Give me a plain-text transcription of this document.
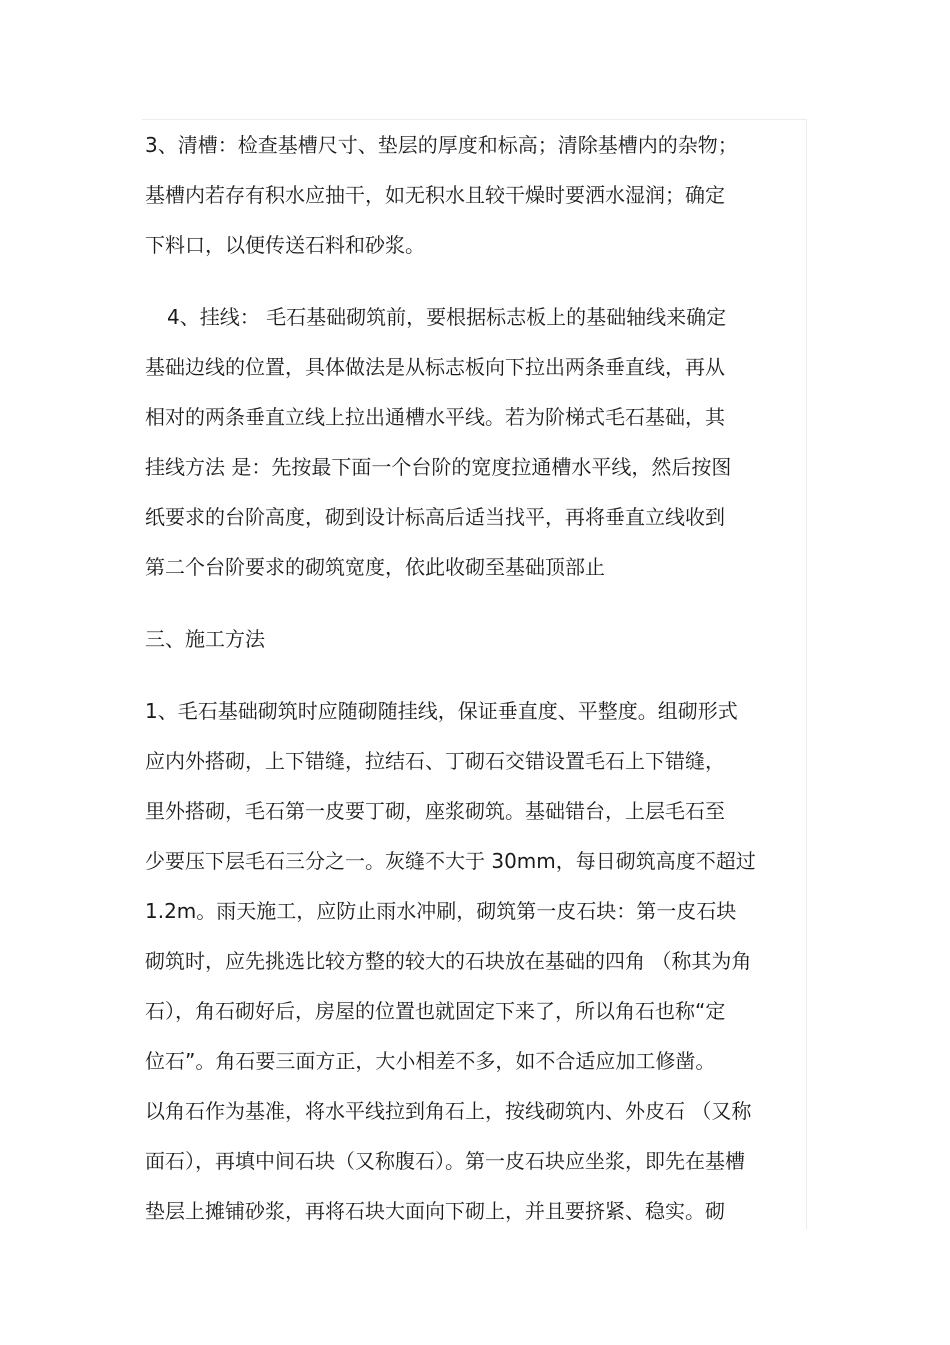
3、清槽：检查基槽尺寸、垫层的厚度和标高；清除基槽内的杂物；
基槽内若存有积水应抽干，如无积水且较干燥时要洒水湿润；确定
下料口，以便传送石料和砂浆。
4、挂线： 毛石基础砌筑前，要根据标志板上的基础轴线来确定
基础边线的位置，具体做法是从标志板向下拉出两条垂直线，再从
相对的两条垂直立线上拉出通槽水平线。若为阶梯式毛石基础，其
挂线方法 是：先按最下面一个台阶的宽度拉通槽水平线，然后按图
纸要求的台阶高度，砌到设计标高后适当找平，再将垂直立线收到
第二个台阶要求的砌筑宽度，依此收砌至基础顶部止
三、施工方法
1、毛石基础砌筑时应随砌随挂线，保证垂直度、平整度。组砌形式
应内外搭砌，上下错缝，拉结石、丁砌石交错设置毛石上下错缝，
里外搭砌，毛石第一皮要丁砌，座浆砌筑。基础错台，上层毛石至
少要压下层毛石三分之一。灰缝不大于 30mm，每日砌筑高度不超过
1.2m。雨天施工，应防止雨水冲刷，砌筑第一皮石块：第一皮石块
砌筑时，应先挑选比较方整的较大的石块放在基础的四角 （称其为角
石），角石砌好后，房屋的位置也就固定下来了，所以角石也称“定
位石”。角石要三面方正，大小相差不多，如不合适应加工修凿。
以角石作为基准，将水平线拉到角石上，按线砌筑内、外皮石 （又称
面石），再填中间石块（又称腹石）。第一皮石块应坐浆，即先在基槽
垫层上摊铺砂浆，再将石块大面向下砌上，并且要挤紧、稳实。砌
